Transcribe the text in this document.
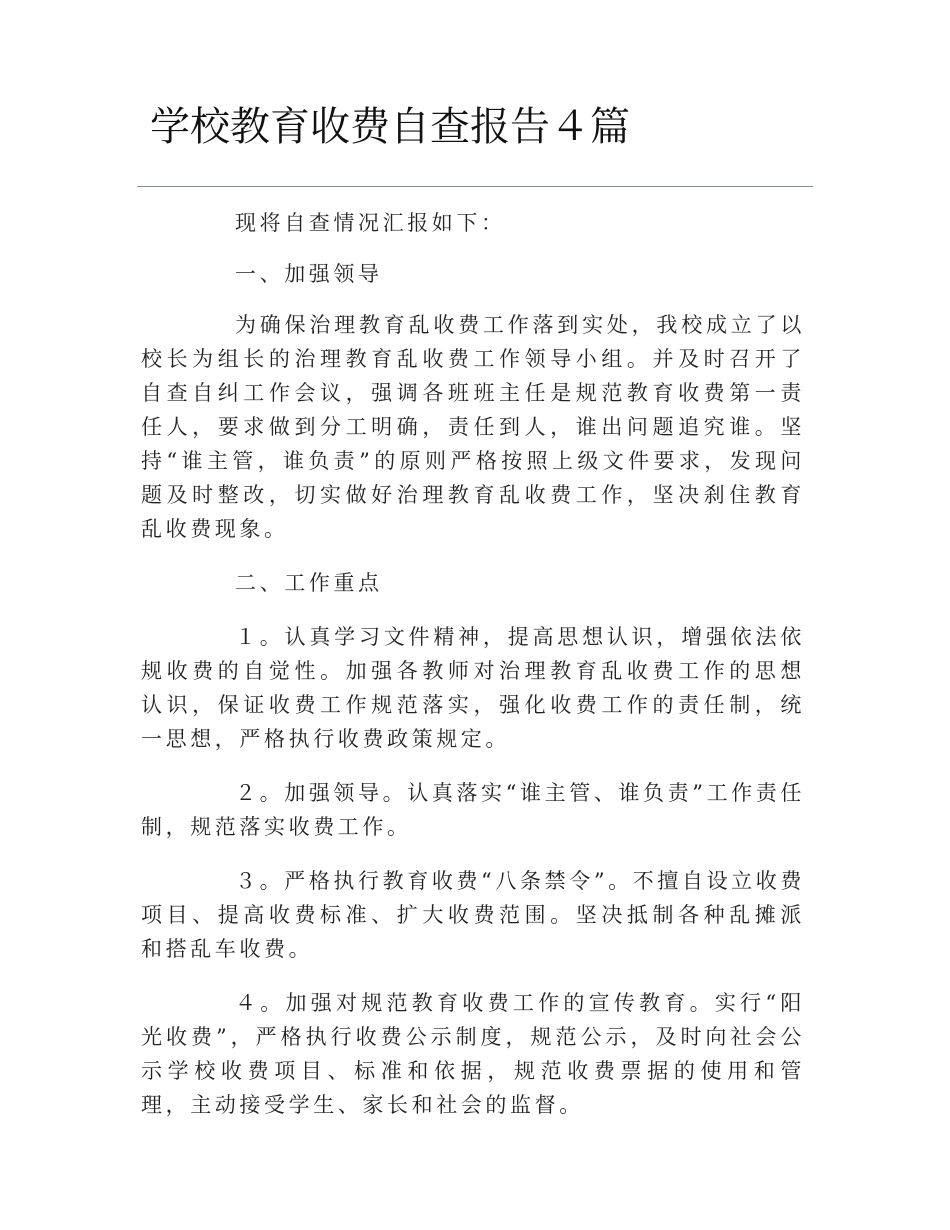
学校教育收费自查报告４篇

现将自查情况汇报如下：

一、加强领导

为确保治理教育乱收费工作落到实处，我校成立了以校长为组长的治理教育乱收费工作领导小组。并及时召开了自查自纠工作会议，强调各班班主任是规范教育收费第一责任人，要求做到分工明确，责任到人，谁出问题追究谁。坚持“谁主管，谁负责”的原则严格按照上级文件要求，发现问题及时整改，切实做好治理教育乱收费工作，坚决刹住教育乱收费现象。

二、工作重点

１。认真学习文件精神，提高思想认识，增强依法依规收费的自觉性。加强各教师对治理教育乱收费工作的思想认识，保证收费工作规范落实，强化收费工作的责任制，统一思想，严格执行收费政策规定。

２。加强领导。认真落实“谁主管、谁负责”工作责任制，规范落实收费工作。

３。严格执行教育收费“八条禁令”。不擅自设立收费项目、提高收费标准、扩大收费范围。坚决抵制各种乱摊派和搭乱车收费。

４。加强对规范教育收费工作的宣传教育。实行“阳光收费”，严格执行收费公示制度，规范公示，及时向社会公示学校收费项目、标准和依据，规范收费票据的使用和管理，主动接受学生、家长和社会的监督。
